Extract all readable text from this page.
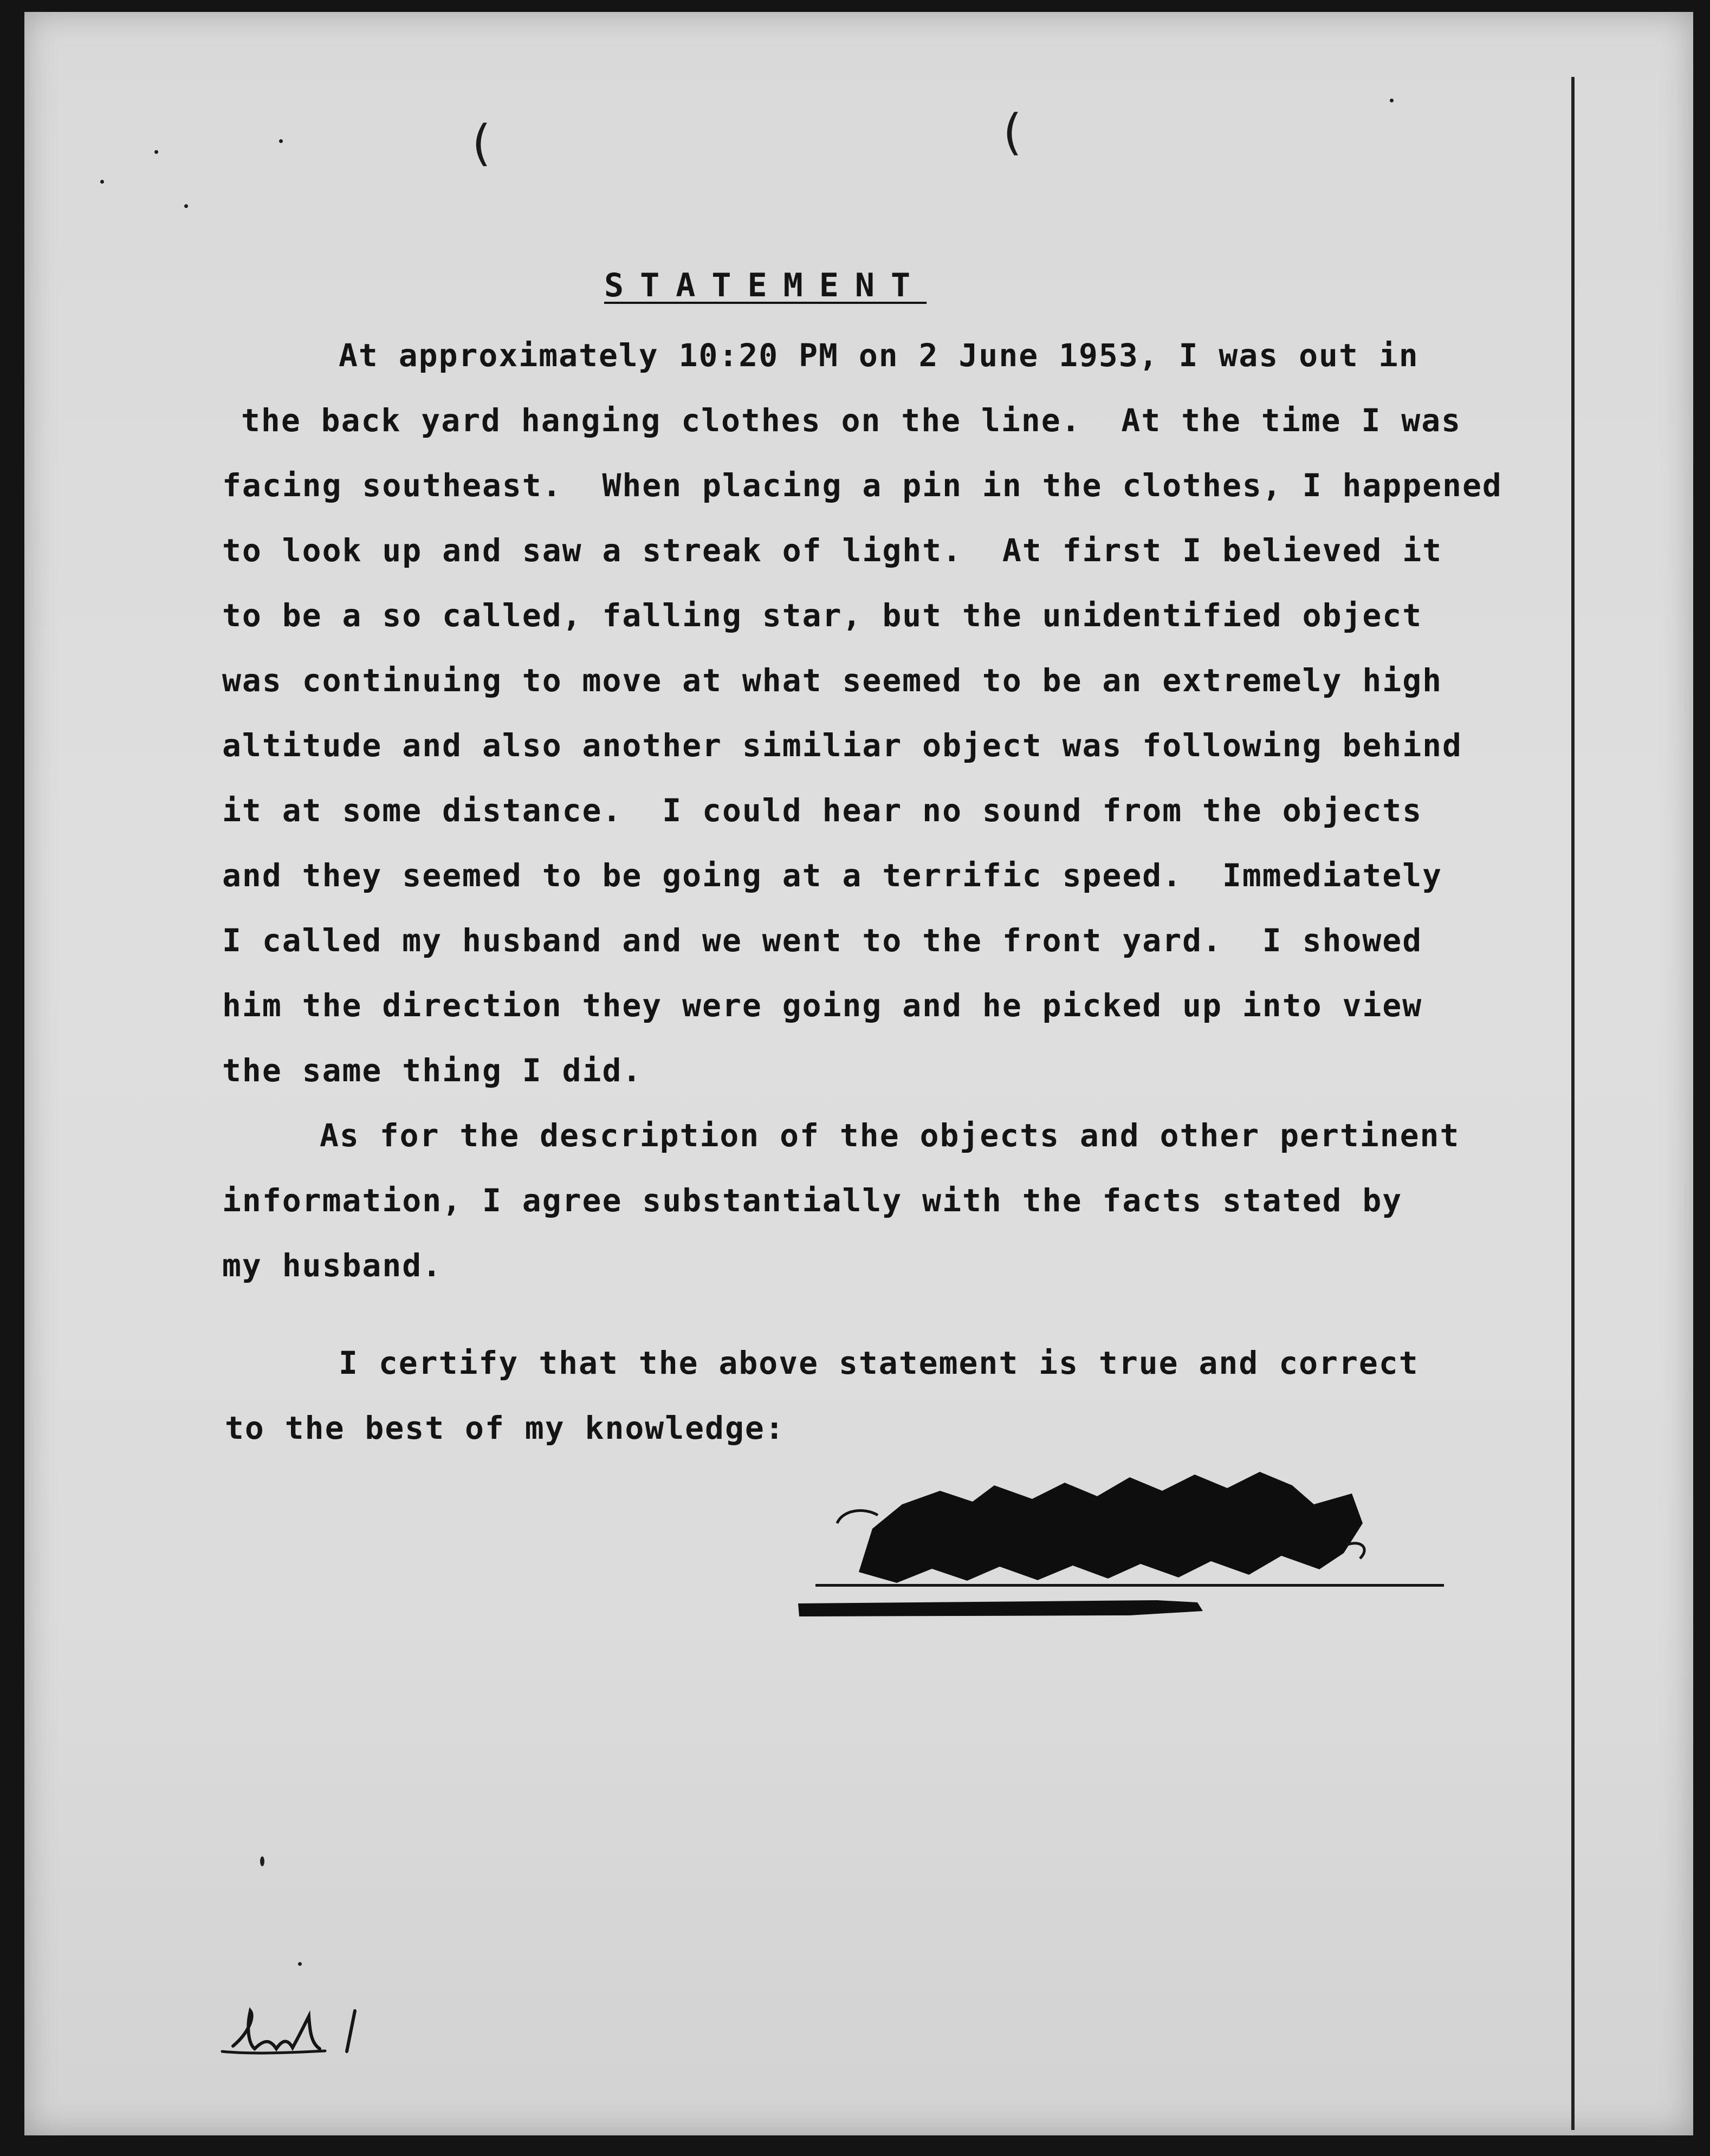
(	(
STATEMENT
At approximately 10:20 PM on 2 June 1953, I was out in
the back yard hanging clothes on the line.  At the time I was
facing southeast.  When placing a pin in the clothes, I happened
to look up and saw a streak of light.  At first I believed it
to be a so called, falling star, but the unidentified object
was continuing to move at what seemed to be an extremely high
altitude and also another similiar object was following behind
it at some distance.  I could hear no sound from the objects
and they seemed to be going at a terrific speed.  Immediately
I called my husband and we went to the front yard.  I showed
him the direction they were going and he picked up into view
the same thing I did.
As for the description of the objects and other pertinent
information, I agree substantially with the facts stated by
my husband.
I certify that the above statement is true and correct
to the best of my knowledge:
